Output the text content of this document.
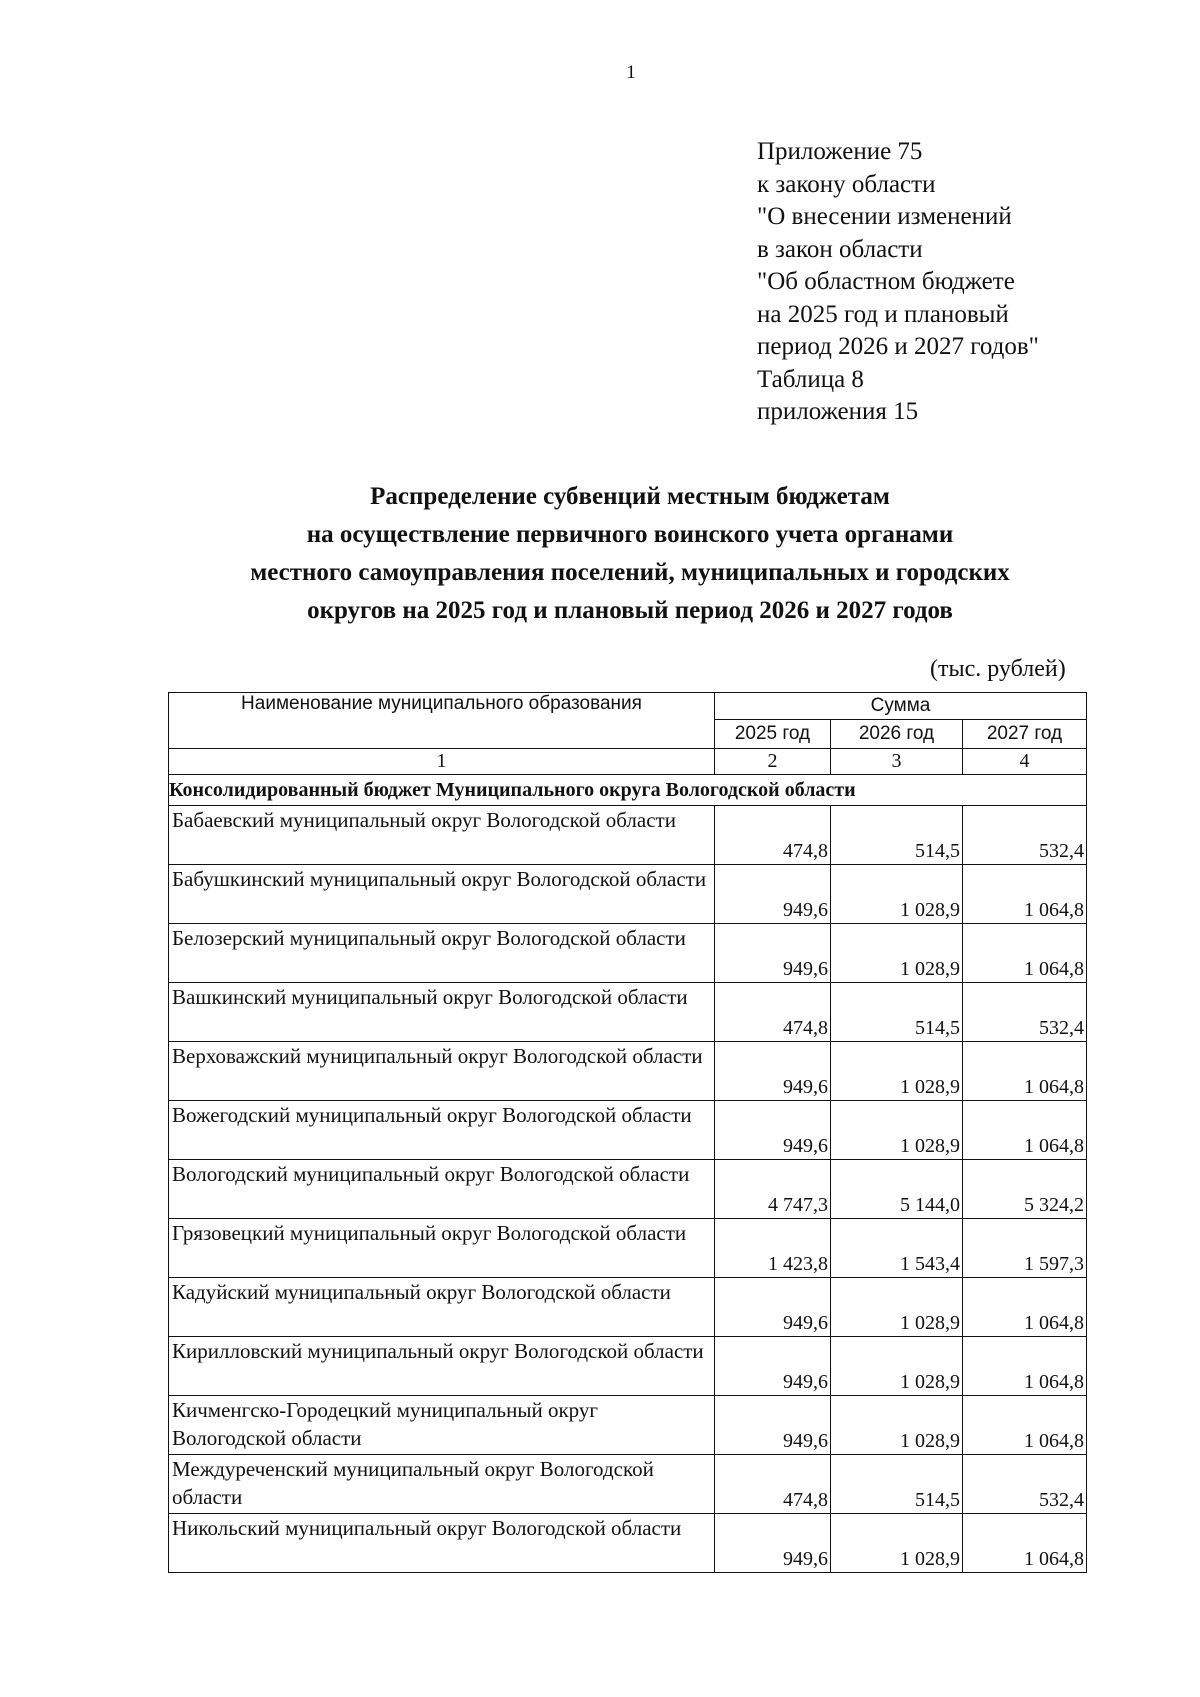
1
Приложение 75
к закону области
"О внесении изменений
в закон области
"Об областном бюджете
на 2025 год и плановый
период 2026 и 2027 годов"
Таблица 8
приложения 15
Распределение субвенций местным бюджетам
на осуществление первичного воинского учета органами
местного самоуправления поселений, муниципальных и городских
округов на 2025 год и плановый период 2026 и 2027 годов
(тыс. рублей)
Наименование муниципального образования	Сумма		
	2025 год	2026 год	2027 год
1	2	3	4
Консолидированный бюджет Муниципального округа Вологодской области			
Бабаевский муниципальный округ Вологодской области	474,8	514,5	532,4
Бабушкинский муниципальный округ Вологодской области	949,6	1 028,9	1 064,8
Белозерский муниципальный округ Вологодской области	949,6	1 028,9	1 064,8
Вашкинский муниципальный округ Вологодской области	474,8	514,5	532,4
Верховажский муниципальный округ Вологодской области	949,6	1 028,9	1 064,8
Вожегодский муниципальный округ Вологодской области	949,6	1 028,9	1 064,8
Вологодский муниципальный округ Вологодской области	4 747,3	5 144,0	5 324,2
Грязовецкий муниципальный округ Вологодской области	1 423,8	1 543,4	1 597,3
Кадуйский муниципальный округ Вологодской области	949,6	1 028,9	1 064,8
Кирилловский муниципальный округ Вологодской области	949,6	1 028,9	1 064,8
Кичменгско-Городецкий муниципальный округ Вологодской области	949,6	1 028,9	1 064,8
Междуреченский муниципальный округ Вологодской области	474,8	514,5	532,4
Никольский муниципальный округ Вологодской области	949,6	1 028,9	1 064,8
